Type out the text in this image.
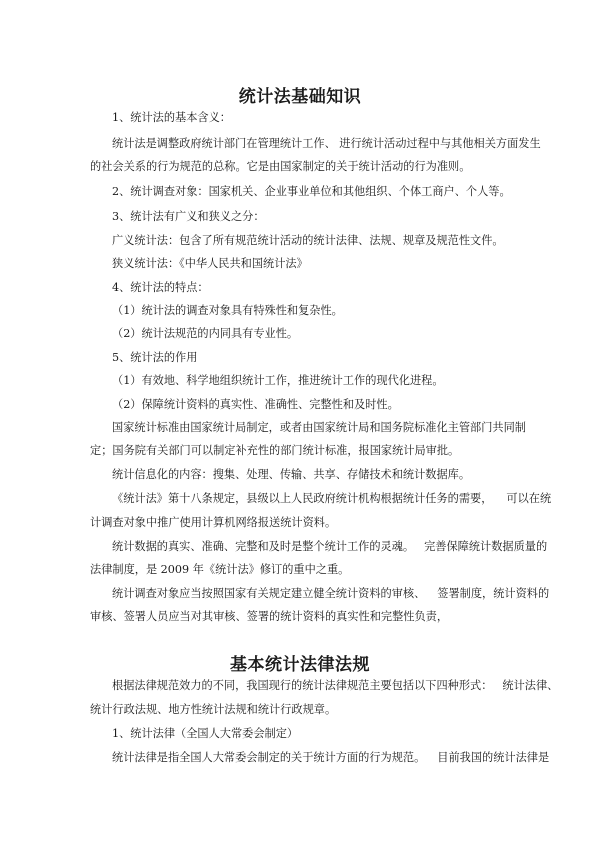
统计法基础知识
1、统计法的基本含义：
统计法是调整政府统计部门在管理统计工作、 进行统计活动过程中与其他相关方面发生
的社会关系的行为规范的总称。它是由国家制定的关于统计活动的行为准则。
2、统计调查对象：国家机关、企业事业单位和其他组织、个体工商户、个人等。
3、统计法有广义和狭义之分：
广义统计法：包含了所有规范统计活动的统计法律、法规、规章及规范性文件。
狭义统计法：《中华人民共和国统计法》
4、统计法的特点：
（1）统计法的调查对象具有特殊性和复杂性。
（2）统计法规范的内同具有专业性。
5、统计法的作用
（1）有效地、科学地组织统计工作，推进统计工作的现代化进程。
（2）保障统计资料的真实性、准确性、完整性和及时性。
国家统计标准由国家统计局制定，或者由国家统计局和国务院标准化主管部门共同制
定；国务院有关部门可以制定补充性的部门统计标准，报国家统计局审批。
统计信息化的内容：搜集、处理、传输、共享、存储技术和统计数据库。
《统计法》第十八条规定，县级以上人民政府统计机构根据统计任务的需要， 可以在统
计调查对象中推广使用计算机网络报送统计资料。
统计数据的真实、准确、完整和及时是整个统计工作的灵魂。 完善保障统计数据质量的
法律制度，是 2009 年《统计法》修订的重中之重。
统计调查对象应当按照国家有关规定建立健全统计资料的审核、 签署制度，统计资料的
审核、签署人员应当对其审核、签署的统计资料的真实性和完整性负责，
基本统计法律法规
根据法律规范效力的不同，我国现行的统计法律规范主要包括以下四种形式： 统计法律、
统计行政法规、地方性统计法规和统计行政规章。
1、统计法律（全国人大常委会制定）
统计法律是指全国人大常委会制定的关于统计方面的行为规范。 目前我国的统计法律是
